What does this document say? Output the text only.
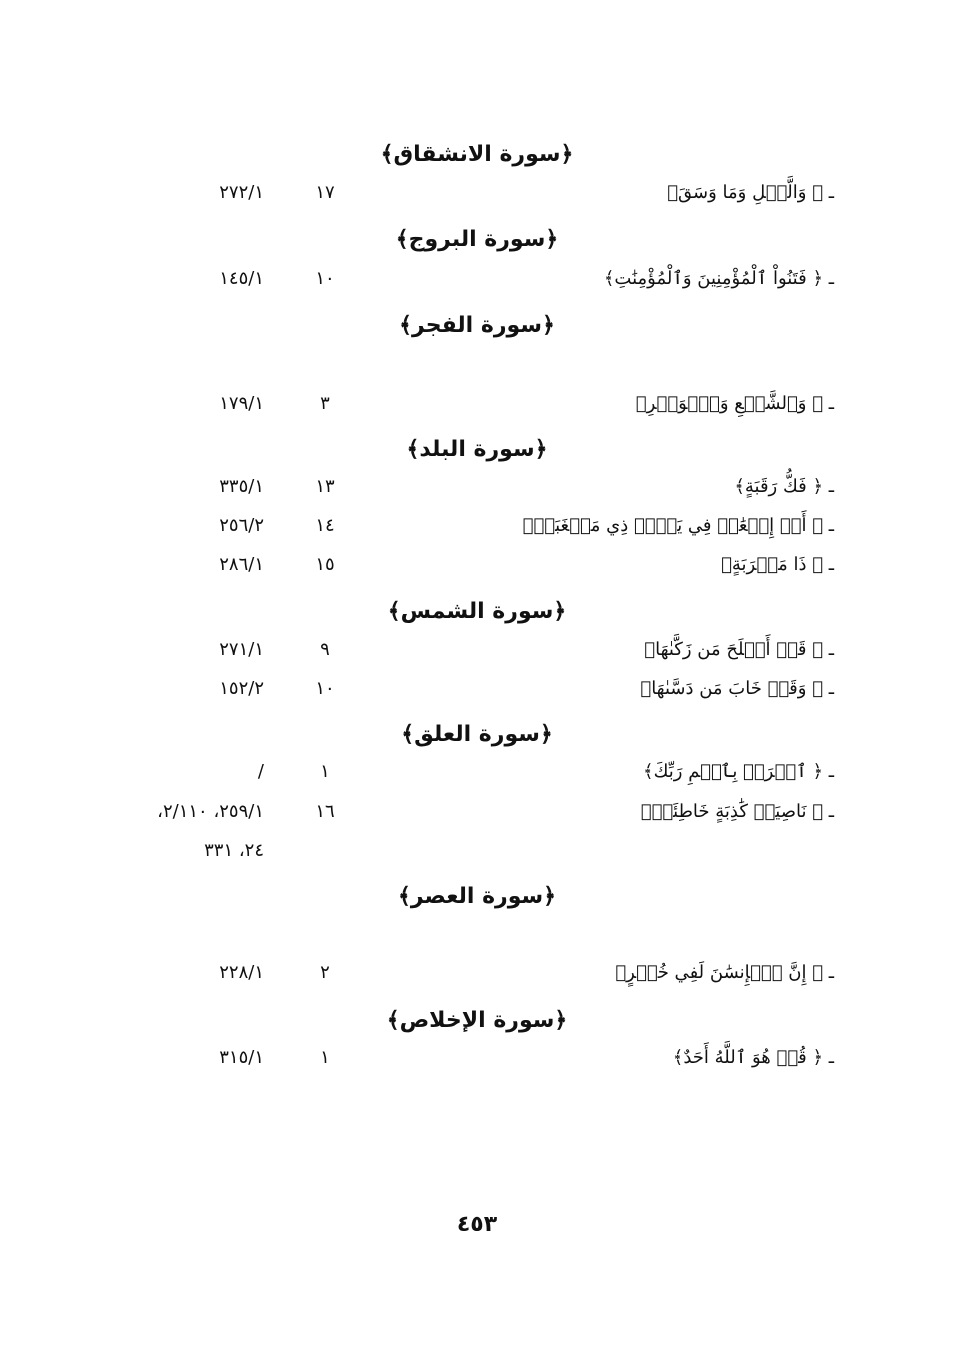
﴿سورة الانشقاق﴾
ـ ﴿ وَالَّيۡلِ وَمَا وَسَقَ﴾
١٧
٢٧٢/١
﴿سورة البروج﴾
ـ ﴿ فَتَنُواْ ٱلْمُؤْمِنِينَ وَٱلْمُؤْمِنَٰتِ﴾
١٠
١٤٥/١
﴿سورة الفجر﴾
ـ ﴿ وَٱلشَّفۡعِ وَٱلۡوَتۡرِ﴾
٣
١٧٩/١
﴿سورة البلد﴾
ـ ﴿ فَكُّ رَقَبَةٍ﴾
١٣
٣٣٥/١
ـ ﴿ أَوۡ إِطۡعَٰمٞ فِي يَوۡمٖ ذِي مَسۡغَبَةٖ﴾
١٤
٢٥٦/٢
ـ ﴿ ذَا مَقۡرَبَةٍ﴾
١٥
٢٨٦/١
﴿سورة الشمس﴾
ـ ﴿ قَدۡ أَفۡلَحَ مَن زَكَّىٰهَا﴾
٩
٢٧١/١
ـ ﴿ وَقَدۡ خَابَ مَن دَسَّىٰهَا﴾
١٠
١٥٢/٢
﴿سورة العلق﴾
ـ ﴿ ٱقۡرَأۡ بِٱسۡمِ رَبِّكَ﴾
١
/
ـ ﴿ نَاصِيَةٖ كَٰذِبَةٍ خَاطِئَةٖ﴾
١٦
٢٥٩/١، ٢/١١٠،
٢٤، ٣٣١
﴿سورة العصر﴾
ـ ﴿ إِنَّ ٱلۡإِنسَٰنَ لَفِي خُسۡرٍ﴾
٢
٢٢٨/١
﴿سورة الإخلاص﴾
ـ ﴿ قُلۡ هُوَ ٱللَّهُ أَحَدٌ﴾
١
٣١٥/١
٤٥٣
